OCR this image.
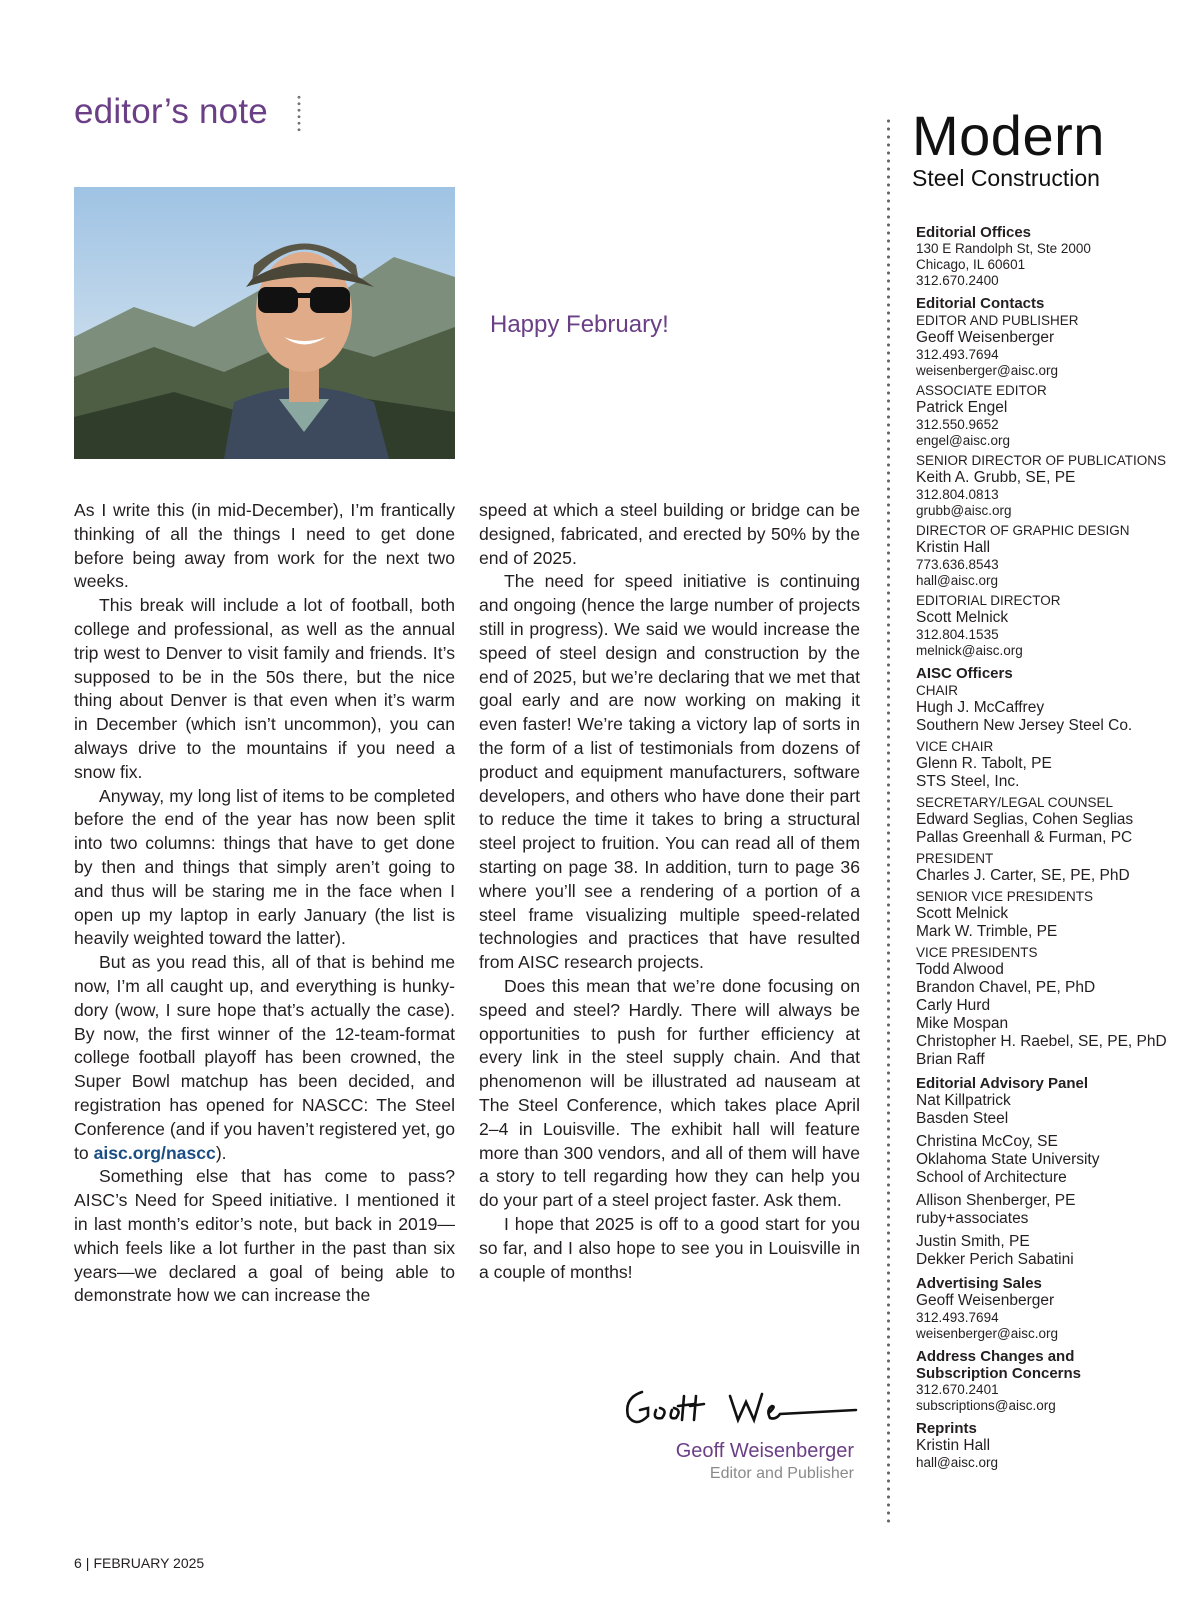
editor’s note
Happy February!

As I write this (in mid-December), I’m frantically thinking of all the things I need to get done before being away from work for the next two weeks.

This break will include a lot of football, both college and professional, as well as the annual trip west to Denver to visit family and friends. It’s supposed to be in the 50s there, but the nice thing about Denver is that even when it’s warm in December (which isn’t uncommon), you can always drive to the mountains if you need a snow fix.

Anyway, my long list of items to be completed before the end of the year has now been split into two columns: things that have to get done by then and things that simply aren’t going to and thus will be staring me in the face when I open up my laptop in early January (the list is heavily weighted toward the latter).

But as you read this, all of that is behind me now, I’m all caught up, and everything is hunky-dory (wow, I sure hope that’s actually the case). By now, the first winner of the 12-team-format college football playoff has been crowned, the Super Bowl matchup has been decided, and registration has opened for NASCC: The Steel Conference (and if you haven’t registered yet, go to aisc.org/nascc).

Something else that has come to pass? AISC’s Need for Speed initiative. I mentioned it in last month’s editor’s note, but back in 2019—which feels like a lot further in the past than six years—we declared a goal of being able to demonstrate how we can increase the

speed at which a steel building or bridge can be designed, fabricated, and erected by 50% by the end of 2025.

The need for speed initiative is continuing and ongoing (hence the large number of projects still in progress). We said we would increase the speed of steel design and construction by the end of 2025, but we’re declaring that we met that goal early and are now working on making it even faster! We’re taking a victory lap of sorts in the form of a list of testimonials from dozens of product and equipment manufacturers, software developers, and others who have done their part to reduce the time it takes to bring a structural steel project to fruition. You can read all of them starting on page 38. In addition, turn to page 36 where you’ll see a rendering of a portion of a steel frame visualizing multiple speed-related technologies and practices that have resulted from AISC research projects.

Does this mean that we’re done focusing on speed and steel? Hardly. There will always be opportunities to push for further efficiency at every link in the steel supply chain. And that phenomenon will be illustrated ad nauseam at The Steel Conference, which takes place April 2–4 in Louisville. The exhibit hall will feature more than 300 vendors, and all of them will have a story to tell regarding how they can help you do your part of a steel project faster. Ask them.

I hope that 2025 is off to a good start for you so far, and I also hope to see you in Louisville in a couple of months!

Geoff Weisenberger
Editor and Publisher
6 | FEBRUARY 2025
Modern
Steel Construction
Editorial Offices
130 E Randolph St, Ste 2000
Chicago, IL 60601
312.670.2400
Editorial Contacts
EDITOR AND PUBLISHER
Geoff Weisenberger
312.493.7694
weisenberger@aisc.org
ASSOCIATE EDITOR
Patrick Engel
312.550.9652
engel@aisc.org
SENIOR DIRECTOR OF PUBLICATIONS
Keith A. Grubb, SE, PE
312.804.0813
grubb@aisc.org
DIRECTOR OF GRAPHIC DESIGN
Kristin Hall
773.636.8543
hall@aisc.org
EDITORIAL DIRECTOR
Scott Melnick
312.804.1535
melnick@aisc.org
AISC Officers
CHAIR
Hugh J. McCaffrey
Southern New Jersey Steel Co.
VICE CHAIR
Glenn R. Tabolt, PE
STS Steel, Inc.
SECRETARY/LEGAL COUNSEL
Edward Seglias, Cohen Seglias
Pallas Greenhall & Furman, PC
PRESIDENT
Charles J. Carter, SE, PE, PhD
SENIOR VICE PRESIDENTS
Scott Melnick
Mark W. Trimble, PE
VICE PRESIDENTS
Todd Alwood
Brandon Chavel, PE, PhD
Carly Hurd
Mike Mospan
Christopher H. Raebel, SE, PE, PhD
Brian Raff
Editorial Advisory Panel
Nat Killpatrick
Basden Steel
Christina McCoy, SE
Oklahoma State University
School of Architecture
Allison Shenberger, PE
ruby+associates
Justin Smith, PE
Dekker Perich Sabatini
Advertising Sales
Geoff Weisenberger
312.493.7694
weisenberger@aisc.org
Address Changes and
Subscription Concerns
312.670.2401
subscriptions@aisc.org
Reprints
Kristin Hall
hall@aisc.org
